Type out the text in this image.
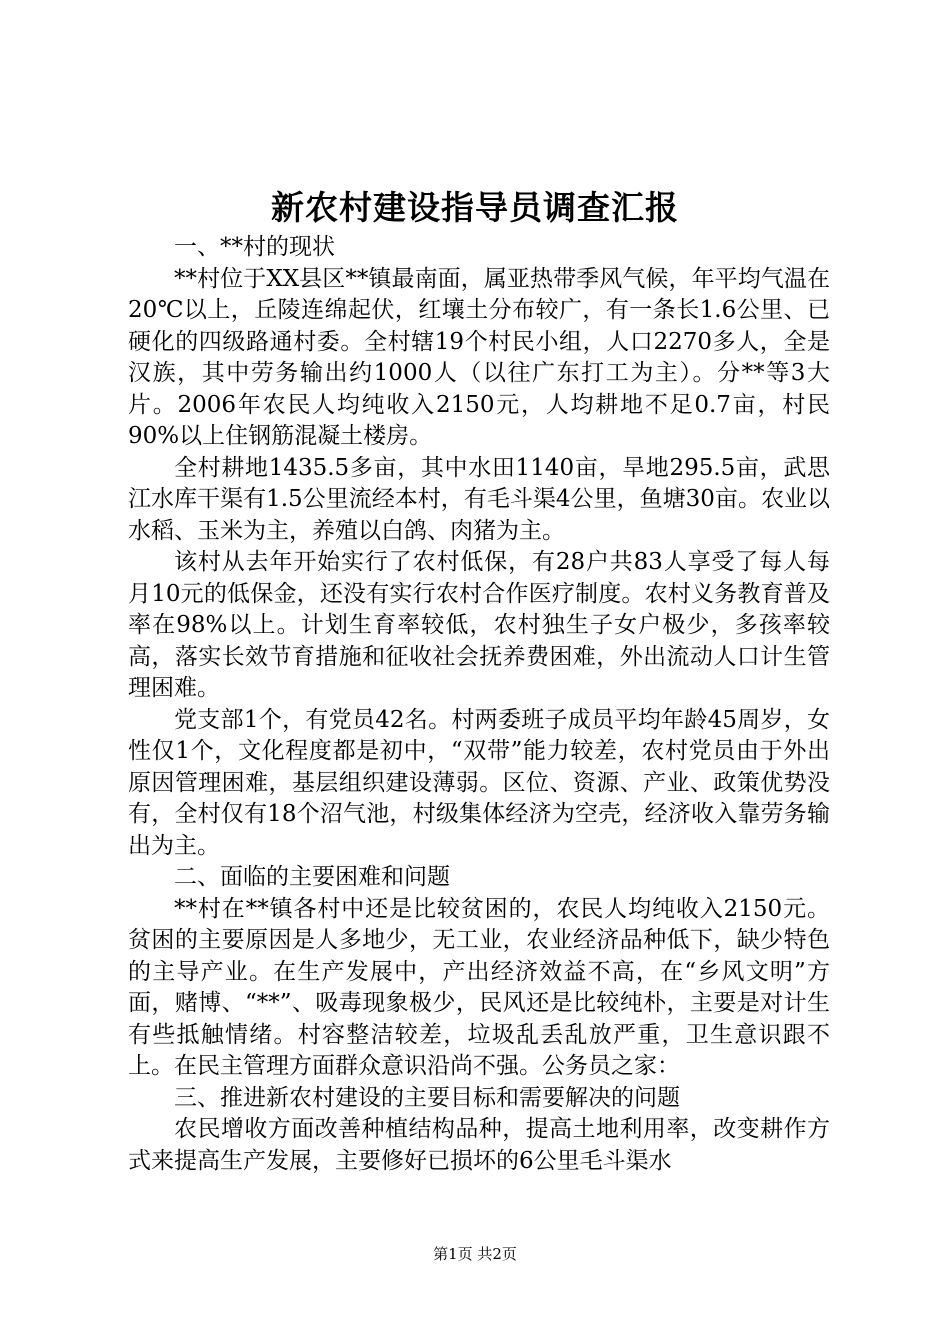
新农村建设指导员调查汇报

一、**村的现状

**村位于XX县区**镇最南面，属亚热带季风气候，年平均气温在20℃以上，丘陵连绵起伏，红壤土分布较广，有一条长1.6公里、已硬化的四级路通村委。全村辖19个村民小组，人口2270多人，全是汉族，其中劳务输出约1000人（以往广东打工为主）。分**等3大片。2006年农民人均纯收入2150元，人均耕地不足0.7亩，村民90%以上住钢筋混凝土楼房。

全村耕地1435.5多亩，其中水田1140亩，旱地295.5亩，武思江水库干渠有1.5公里流经本村，有毛斗渠4公里，鱼塘30亩。农业以水稻、玉米为主，养殖以白鸽、肉猪为主。

该村从去年开始实行了农村低保，有28户共83人享受了每人每月10元的低保金，还没有实行农村合作医疗制度。农村义务教育普及率在98%以上。计划生育率较低，农村独生子女户极少，多孩率较高，落实长效节育措施和征收社会抚养费困难，外出流动人口计生管理困难。

党支部1个，有党员42名。村两委班子成员平均年龄45周岁，女性仅1个，文化程度都是初中，“双带”能力较差，农村党员由于外出原因管理困难，基层组织建设薄弱。区位、资源、产业、政策优势没有，全村仅有18个沼气池，村级集体经济为空壳，经济收入靠劳务输出为主。

二、面临的主要困难和问题

**村在**镇各村中还是比较贫困的，农民人均纯收入2150元。贫困的主要原因是人多地少，无工业，农业经济品种低下，缺少特色的主导产业。在生产发展中，产出经济效益不高，在“乡风文明”方面，赌博、“**”、吸毒现象极少，民风还是比较纯朴，主要是对计生有些抵触情绪。村容整洁较差，垃圾乱丢乱放严重，卫生意识跟不上。在民主管理方面群众意识沿尚不强。公务员之家：

三、推进新农村建设的主要目标和需要解决的问题

农民增收方面改善种植结构品种，提高土地利用率，改变耕作方式来提高生产发展，主要修好已损坏的6公里毛斗渠水

第1页 共2页
